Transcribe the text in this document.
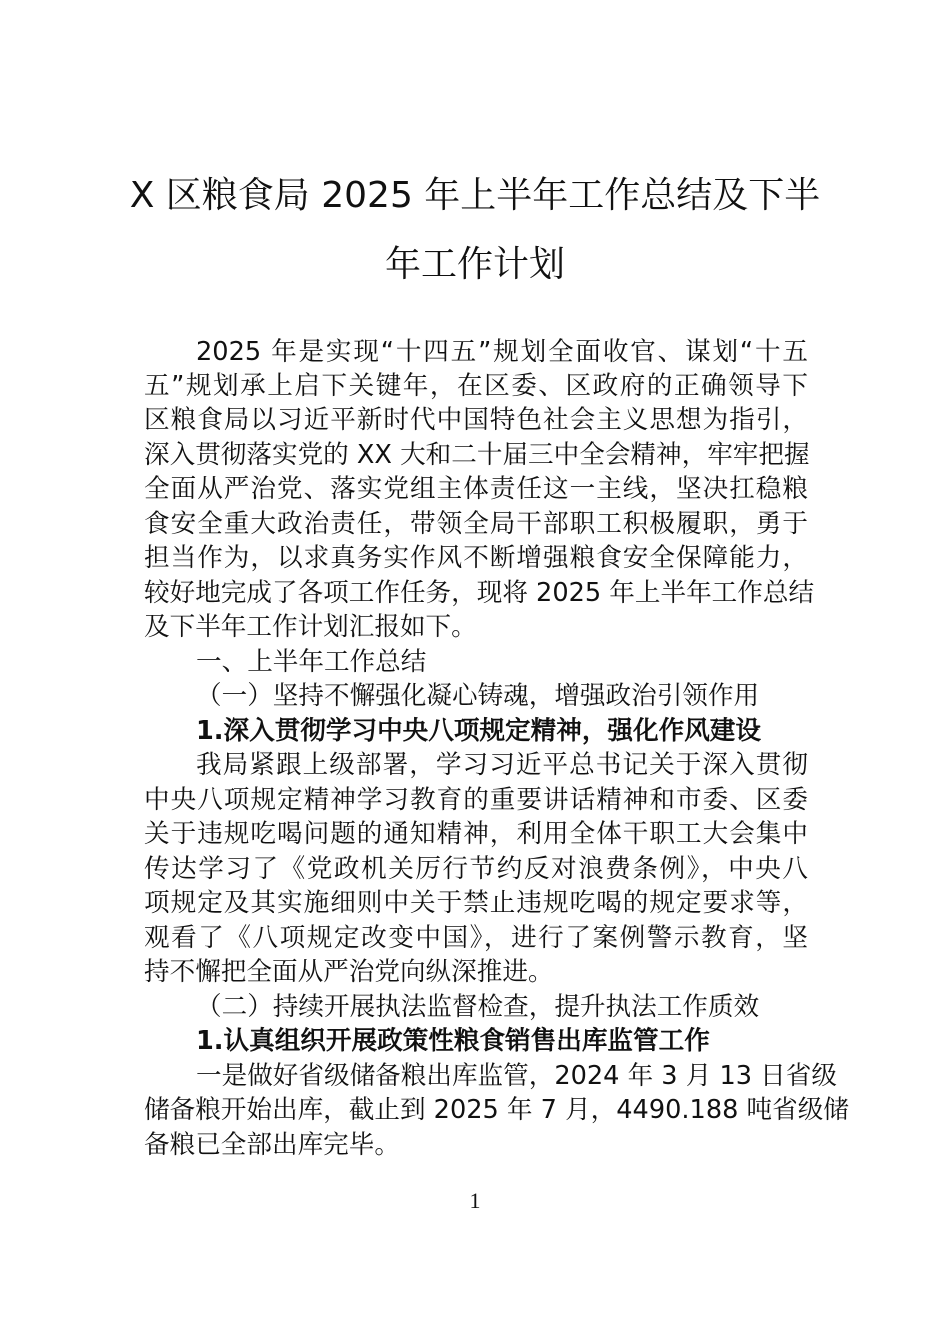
X 区粮食局 2025 年上半年工作总结及下半
年工作计划
2025 年是实现“十四五”规划全面收官、谋划“十五
五”规划承上启下关键年，在区委、区政府的正确领导下
区粮食局以习近平新时代中国特色社会主义思想为指引，
深入贯彻落实党的 XX 大和二十届三中全会精神，牢牢把握
全面从严治党、落实党组主体责任这一主线，坚决扛稳粮
食安全重大政治责任，带领全局干部职工积极履职，勇于
担当作为，以求真务实作风不断增强粮食安全保障能力，
较好地完成了各项工作任务，现将 2025 年上半年工作总结
及下半年工作计划汇报如下。
一、上半年工作总结
（一）坚持不懈强化凝心铸魂，增强政治引领作用
1.深入贯彻学习中央八项规定精神，强化作风建设
我局紧跟上级部署，学习习近平总书记关于深入贯彻
中央八项规定精神学习教育的重要讲话精神和市委、区委
关于违规吃喝问题的通知精神，利用全体干职工大会集中
传达学习了《党政机关厉行节约反对浪费条例》，中央八
项规定及其实施细则中关于禁止违规吃喝的规定要求等，
观看了《八项规定改变中国》，进行了案例警示教育，坚
持不懈把全面从严治党向纵深推进。
（二）持续开展执法监督检查，提升执法工作质效
1.认真组织开展政策性粮食销售出库监管工作
一是做好省级储备粮出库监管，2024 年 3 月 13 日省级
储备粮开始出库，截止到 2025 年 7 月，4490.188 吨省级储
备粮已全部出库完毕。
1
